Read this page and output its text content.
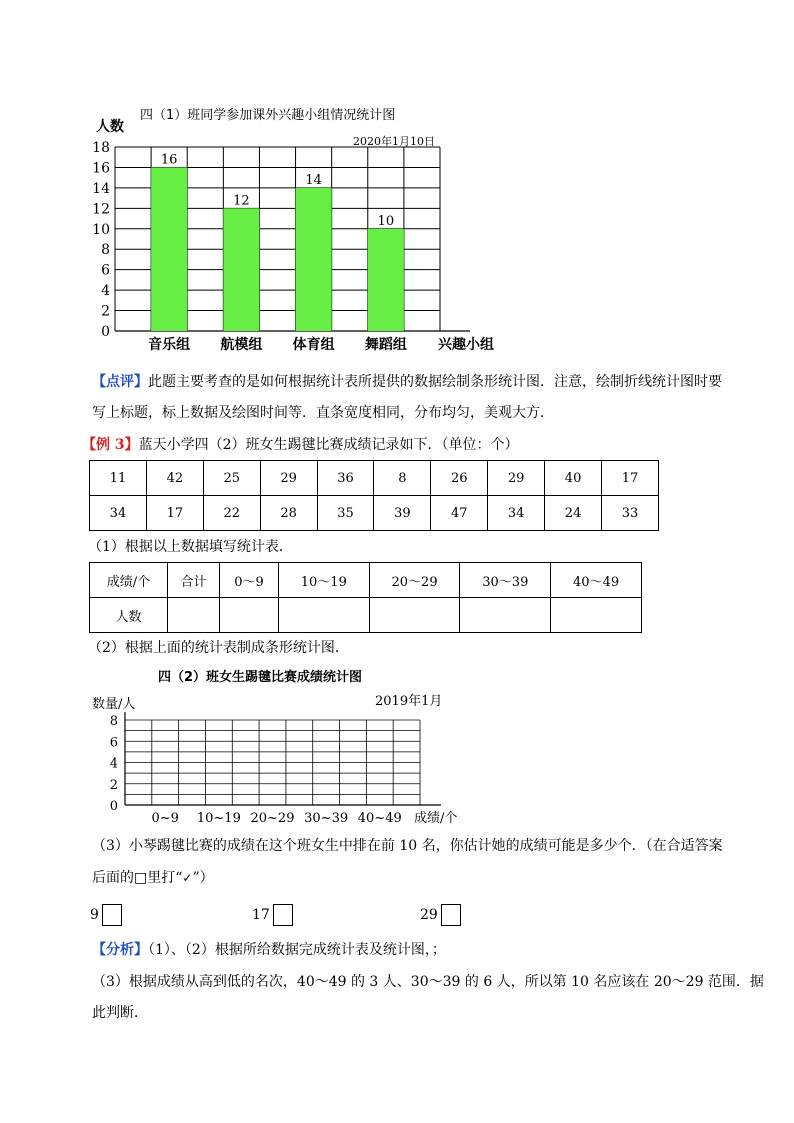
四（1）班同学参加课外兴趣小组情况统计图
人数
2020年1月10日
16
12
14
10
0
2
4
6
8
10
12
14
16
18
音乐组 航模组 体育组 舞蹈组 兴趣小组
【点评】此题主要考查的是如何根据统计表所提供的数据绘制条形统计图．注意，绘制折线统计图时要
写上标题，标上数据及绘图时间等．直条宽度相同，分布均匀，美观大方．
【例 3】蓝天小学四（2）班女生踢毽比赛成绩记录如下．（单位：个）
11	42	25	29	36	8	26	29	40	17
34	17	22	28	35	39	47	34	24	33
（1）根据以上数据填写统计表．
成绩/个	合计	0～9	10～19	20～29	30～39	40～49
人数						
（2）根据上面的统计表制成条形统计图．
四（2）班女生踢毽比赛成绩统计图
数量/人	2019年1月
0
2
4
6
8
0~9 10~19 20~29 30~39 40~49 成绩/个
（3）小琴踢毽比赛的成绩在这个班女生中排在前 10 名，你估计她的成绩可能是多少个．（在合适答案
后面的□里打“✓”）
9	17	29
【分析】（1）、（2）根据所给数据完成统计表及统计图，；
（3）根据成绩从高到低的名次，40～49 的 3 人、30～39 的 6 人，所以第 10 名应该在 20～29 范围．据
此判断．
